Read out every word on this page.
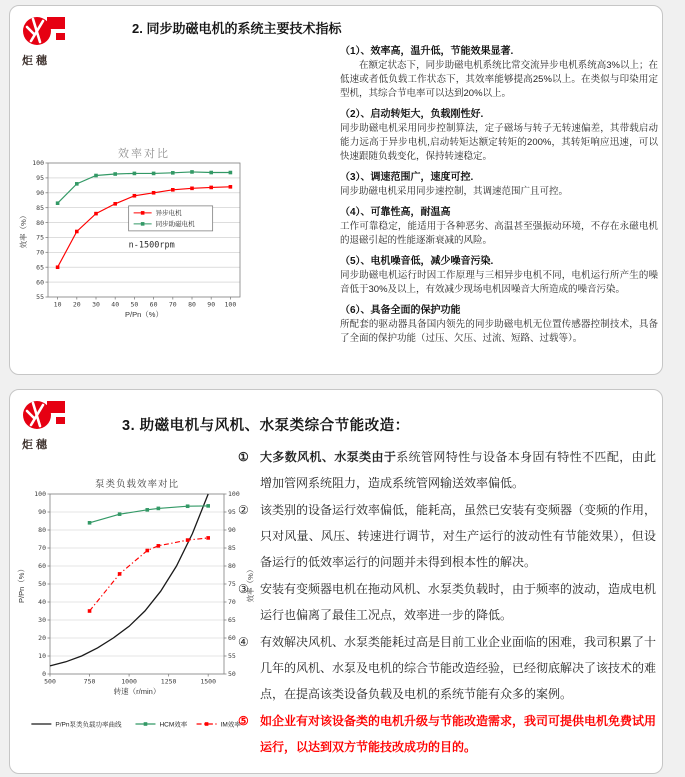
炬穗
2. 同步助磁电机的系统主要技术指标
55
60
65
70
75
80
85
90
95
100
10 20 30 40 50 60 70 80 90 100
效率对比
P/Pn（%）
效率（%）	n-1500rpm
异步电机
同步助磁电机
（1）、效率高，温升低，节能效果显著.
　　在额定状态下，同步助磁电机系统比常交流异步电机系统高3%以上；在低速或者低负载工作状态下，其效率能够提高25%以上。在类似与印染用定型机，其综合节电率可以达到20%以上。
（2）、启动转矩大，负载刚性好.
同步助磁电机采用同步控制算法，定子磁场与转子无转速偏差，其带载启动能力远高于异步电机,启动转矩达额定转矩的200%，其转矩响应迅速，可以快速跟随负载变化，保持转速稳定。
（3）、调速范围广，速度可控.
同步助磁电机采用同步速控制，其调速范围广且可控。
（4）、可靠性高，耐温高
工作可靠稳定，能适用于各种恶劣、高温甚至强振动环境，不存在永磁电机的退磁引起的性能逐渐衰减的风险。
（5）、电机噪音低，减少噪音污染.
同步助磁电机运行时因工作原理与三相异步电机不同，电机运行所产生的噪音低于30%及以上，有效减少现场电机因噪音大所造成的噪音污染。
（6）、具备全面的保护功能
所配套的驱动器具备国内领先的同步助磁电机无位置传感器控制技术，具备了全面的保护功能（过压、欠压、过流、短路、过载等）。
炬穗
3. 助磁电机与风机、水泵类综合节能改造：
0
10
20
30
40
50
60
70
80
90
100
50
55
60
65
70
75
80
85
90
95
100
500	750	1000	1250	1500
泵类负载效率对比
转速（r/min）
P/Pn（%）	效率（%）
P/Pn泵类负载功率曲线	HCM效率	IM效率
① 大多数风机、水泵类由于系统管网特性与设备本身固有特性不匹配，由此增加管网系统阻力，造成系统管网输送效率偏低。
② 该类别的设备运行效率偏低，能耗高，虽然已安装有变频器（变频的作用，只对风量、风压、转速进行调节，对生产运行的波动性有节能效果），但设备运行的低效率运行的问题并未得到根本性的解决。
③ 安装有变频器电机在拖动风机、水泵类负载时，由于频率的波动，造成电机运行也偏离了最佳工况点，效率进一步的降低。
④ 有效解决风机、水泵类能耗过高是目前工业企业面临的困难，我司积累了十几年的风机、水泵及电机的综合节能改造经验，已经彻底解决了该技术的难点，在提高该类设备负载及电机的系统节能有众多的案例。
⑤ 如企业有对该设备类的电机升级与节能改造需求，我司可提供电机免费试用运行，以达到双方节能技改成功的目的。
